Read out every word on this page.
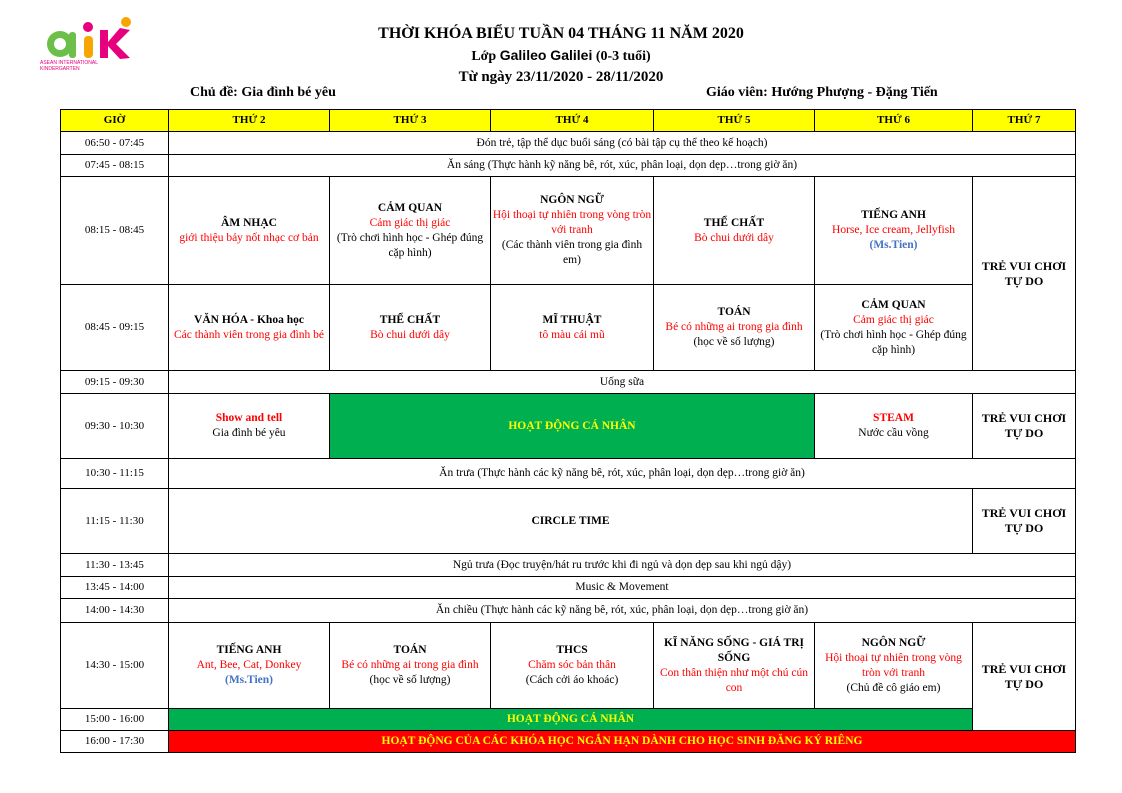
ASEAN INTERNATIONAL
KINDERGARTEN
THỜI KHÓA BIỂU TUẦN 04 THÁNG 11 NĂM 2020
Lớp Galileo Galilei (0-3 tuổi)
Từ ngày 23/11/2020 - 28/11/2020
Chủ đề: Gia đình bé yêu	Giáo viên: Hướng Phượng - Đặng Tiến
GIỜ	THỨ 2	THỨ 3	THỨ 4	THỨ 5	THỨ 6	THỨ 7
06:50 - 07:45	Đón trẻ, tập thể dục buổi sáng (có bài tập cụ thể theo kế hoạch)					
07:45 - 08:15	Ăn sáng (Thực hành kỹ năng bê, rót, xúc, phân loại, dọn dẹp…trong giờ ăn)					
08:15 - 08:45	ÂM NHẠC
giới thiệu bảy nốt nhạc cơ bản	CẢM QUAN
Cảm giác thị giác
(Trò chơi hình học - Ghép đúng cặp hình)	NGÔN NGỮ
Hội thoại tự nhiên trong vòng tròn với tranh
(Các thành viên trong gia đình em)	THỂ CHẤT
Bò chui dưới dây	TIẾNG ANH
Horse, Ice cream, Jellyfish
(Ms.Tien)	TRẺ VUI CHƠI TỰ DO
08:45 - 09:15	VĂN HÓA - Khoa học
Các thành viên trong gia đình bé	THỂ CHẤT
Bò chui dưới dây	MĨ THUẬT
tô màu cái mũ	TOÁN
Bé có những ai trong gia đình
(học về số lượng)	CẢM QUAN
Cảm giác thị giác
(Trò chơi hình học - Ghép đúng cặp hình)	

09:15 - 09:30	Uống sữa					
09:30 - 10:30	Show and tell
Gia đình bé yêu	HOẠT ĐỘNG CÁ NHÂN			STEAM
Nước cầu vồng	TRẺ VUI CHƠI TỰ DO
10:30 - 11:15	Ăn trưa (Thực hành các kỹ năng bê, rót, xúc, phân loại, dọn dẹp…trong giờ ăn)					
11:15 - 11:30	CIRCLE TIME					TRẺ VUI CHƠI TỰ DO
11:30 - 13:45	Ngủ trưa (Đọc truyện/hát ru trước khi đi ngủ và dọn dẹp sau khi ngủ dậy)					
13:45 - 14:00	Music & Movement					
14:00 - 14:30	Ăn chiều (Thực hành các kỹ năng bê, rót, xúc, phân loại, dọn dẹp…trong giờ ăn)					
14:30 - 15:00	TIẾNG ANH
Ant, Bee, Cat, Donkey
(Ms.Tien)	TOÁN
Bé có những ai trong gia đình
(học về số lượng)	THCS
Chăm sóc bản thân
(Cách cởi áo khoác)	KĨ NĂNG SỐNG - GIÁ TRỊ SỐNG
Con thân thiện như một chú cún con	NGÔN NGỮ
Hội thoại tự nhiên trong vòng tròn với tranh
(Chủ đề cô giáo em)	TRẺ VUI CHƠI TỰ DO
15:00 - 16:00	HOẠT ĐỘNG CÁ NHÂN					
16:00 - 17:30	HOẠT ĐỘNG CỦA CÁC KHÓA HỌC NGẮN HẠN DÀNH CHO HỌC SINH ĐĂNG KÝ RIÊNG					
